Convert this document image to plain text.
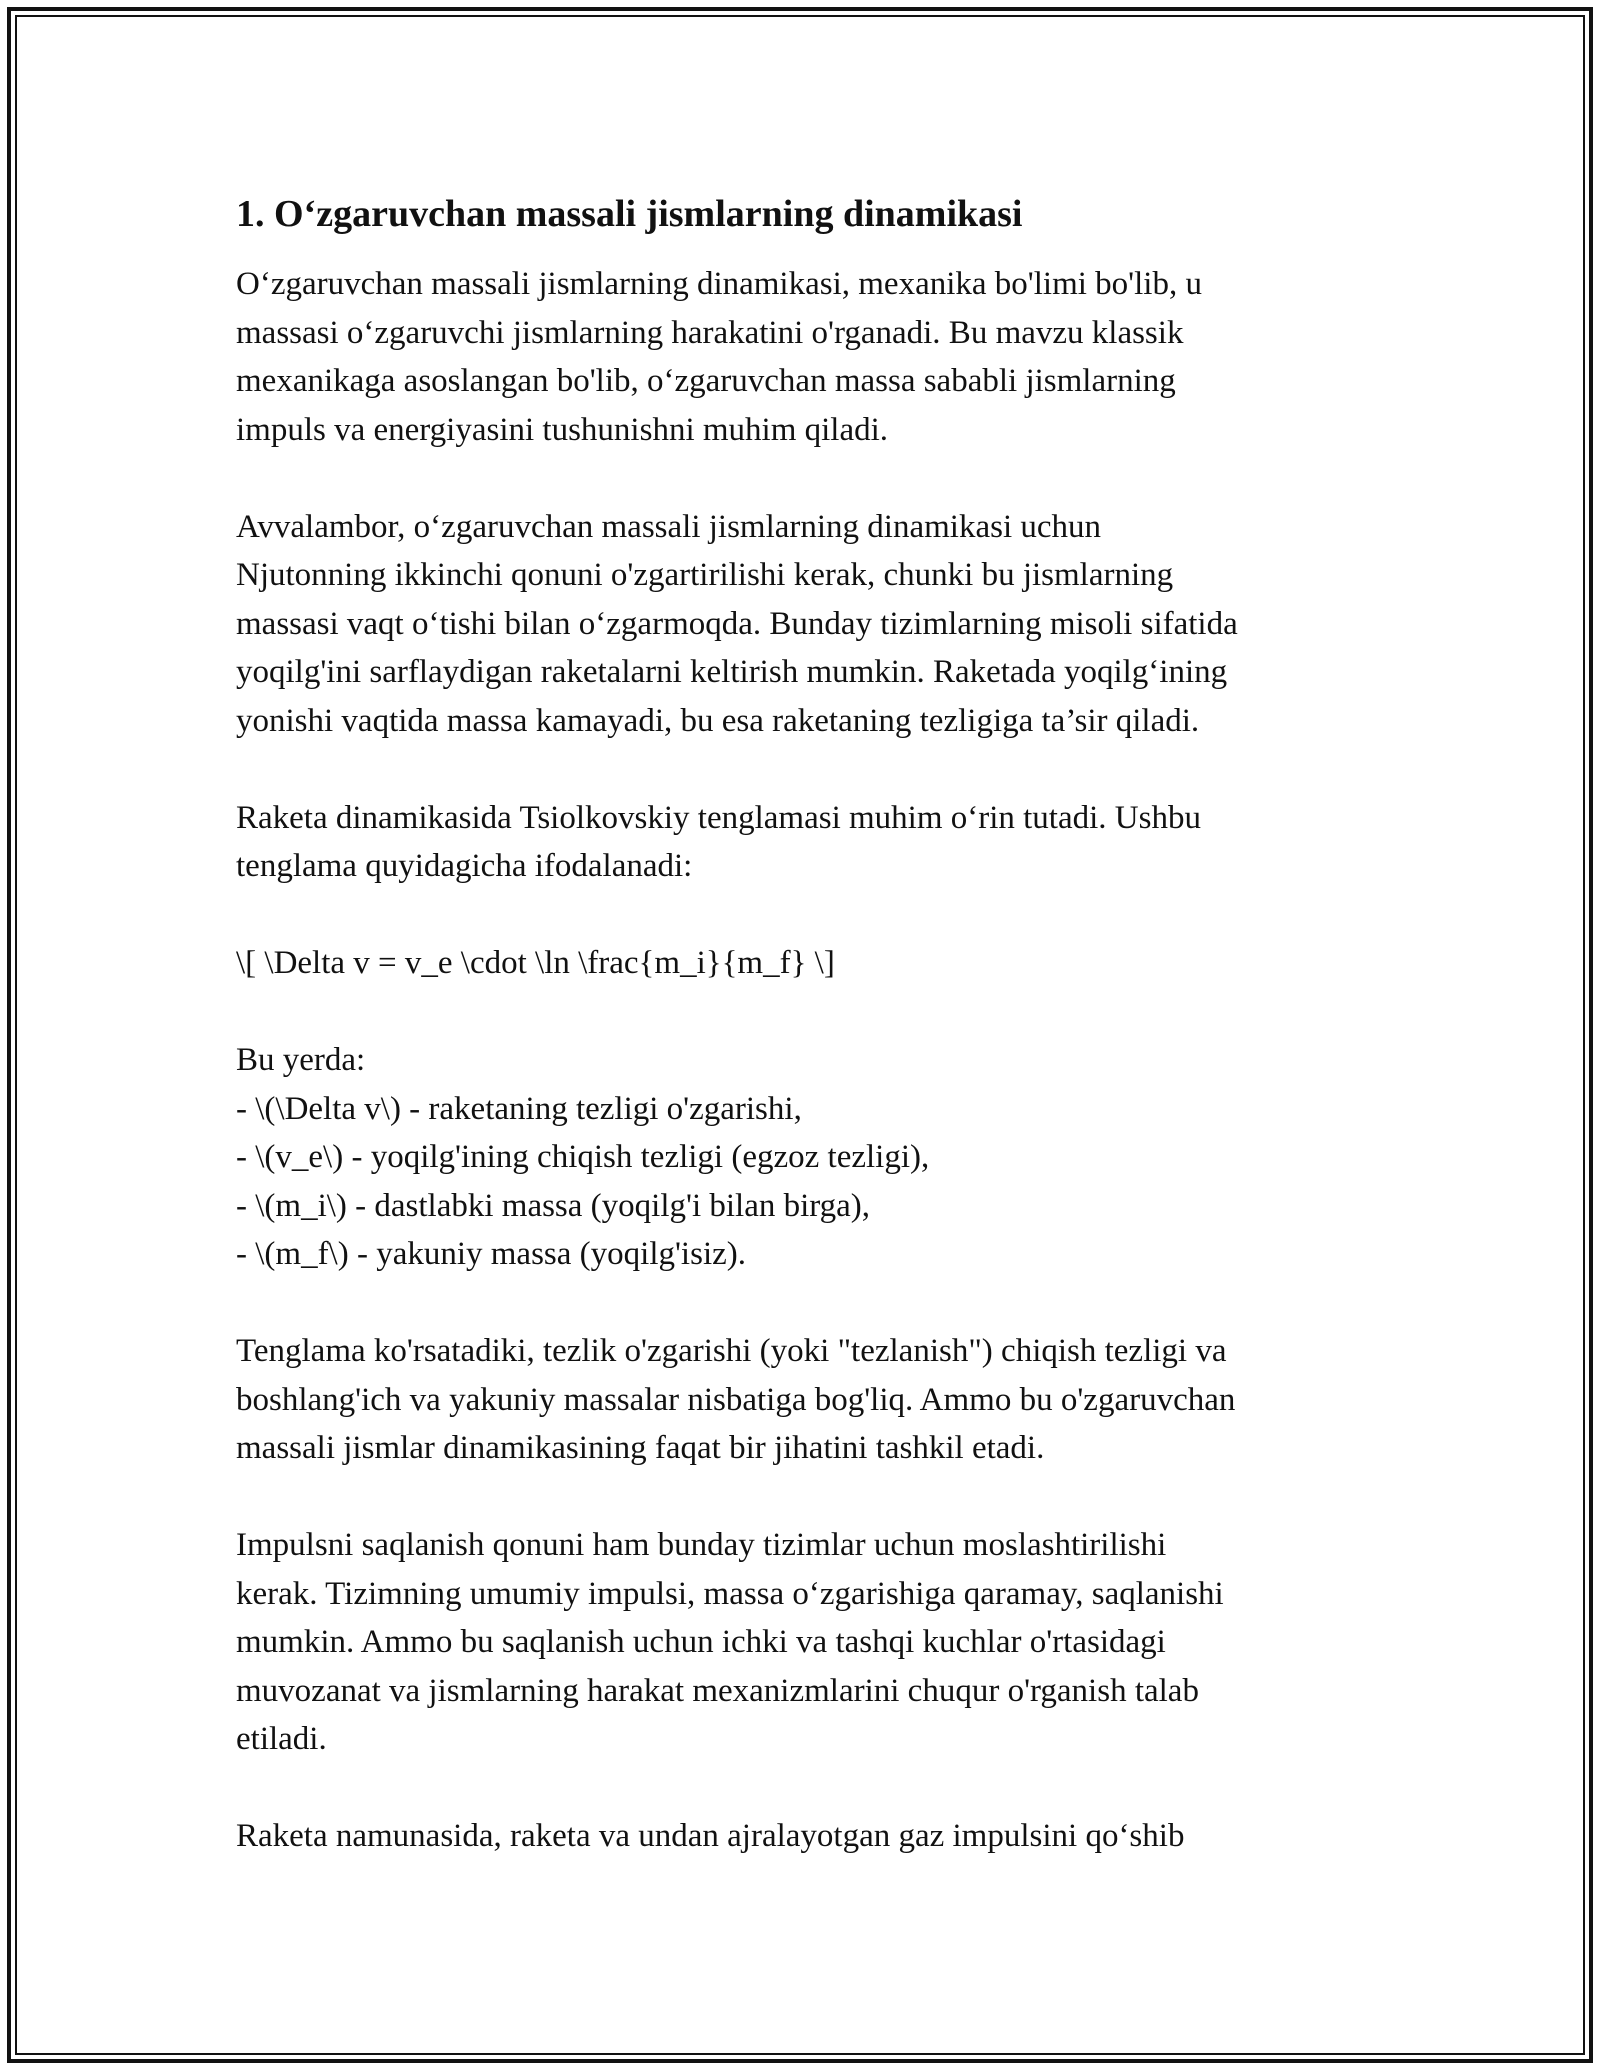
1. O‘zgaruvchan massali jismlarning dinamikasi

O‘zgaruvchan massali jismlarning dinamikasi, mexanika bo'limi bo'lib, u
massasi o‘zgaruvchi jismlarning harakatini o'rganadi. Bu mavzu klassik
mexanikaga asoslangan bo'lib, o‘zgaruvchan massa sababli jismlarning
impuls va energiyasini tushunishni muhim qiladi.

Avvalambor, o‘zgaruvchan massali jismlarning dinamikasi uchun
Njutonning ikkinchi qonuni o'zgartirilishi kerak, chunki bu jismlarning
massasi vaqt o‘tishi bilan o‘zgarmoqda. Bunday tizimlarning misoli sifatida
yoqilg'ini sarflaydigan raketalarni keltirish mumkin. Raketada yoqilg‘ining
yonishi vaqtida massa kamayadi, bu esa raketaning tezligiga ta’sir qiladi.

Raketa dinamikasida Tsiolkovskiy tenglamasi muhim o‘rin tutadi. Ushbu
tenglama quyidagicha ifodalanadi:

\[ \Delta v = v_e \cdot \ln \frac{m_i}{m_f} \]

Bu yerda:
- \(\Delta v\) - raketaning tezligi o'zgarishi,
- \(v_e\) - yoqilg'ining chiqish tezligi (egzoz tezligi),
- \(m_i\) - dastlabki massa (yoqilg'i bilan birga),
- \(m_f\) - yakuniy massa (yoqilg'isiz).

Tenglama ko'rsatadiki, tezlik o'zgarishi (yoki "tezlanish") chiqish tezligi va
boshlang'ich va yakuniy massalar nisbatiga bog'liq. Ammo bu o'zgaruvchan
massali jismlar dinamikasining faqat bir jihatini tashkil etadi.

Impulsni saqlanish qonuni ham bunday tizimlar uchun moslashtirilishi
kerak. Tizimning umumiy impulsi, massa o‘zgarishiga qaramay, saqlanishi
mumkin. Ammo bu saqlanish uchun ichki va tashqi kuchlar o'rtasidagi
muvozanat va jismlarning harakat mexanizmlarini chuqur o'rganish talab
etiladi.

Raketa namunasida, raketa va undan ajralayotgan gaz impulsini qo‘shib
